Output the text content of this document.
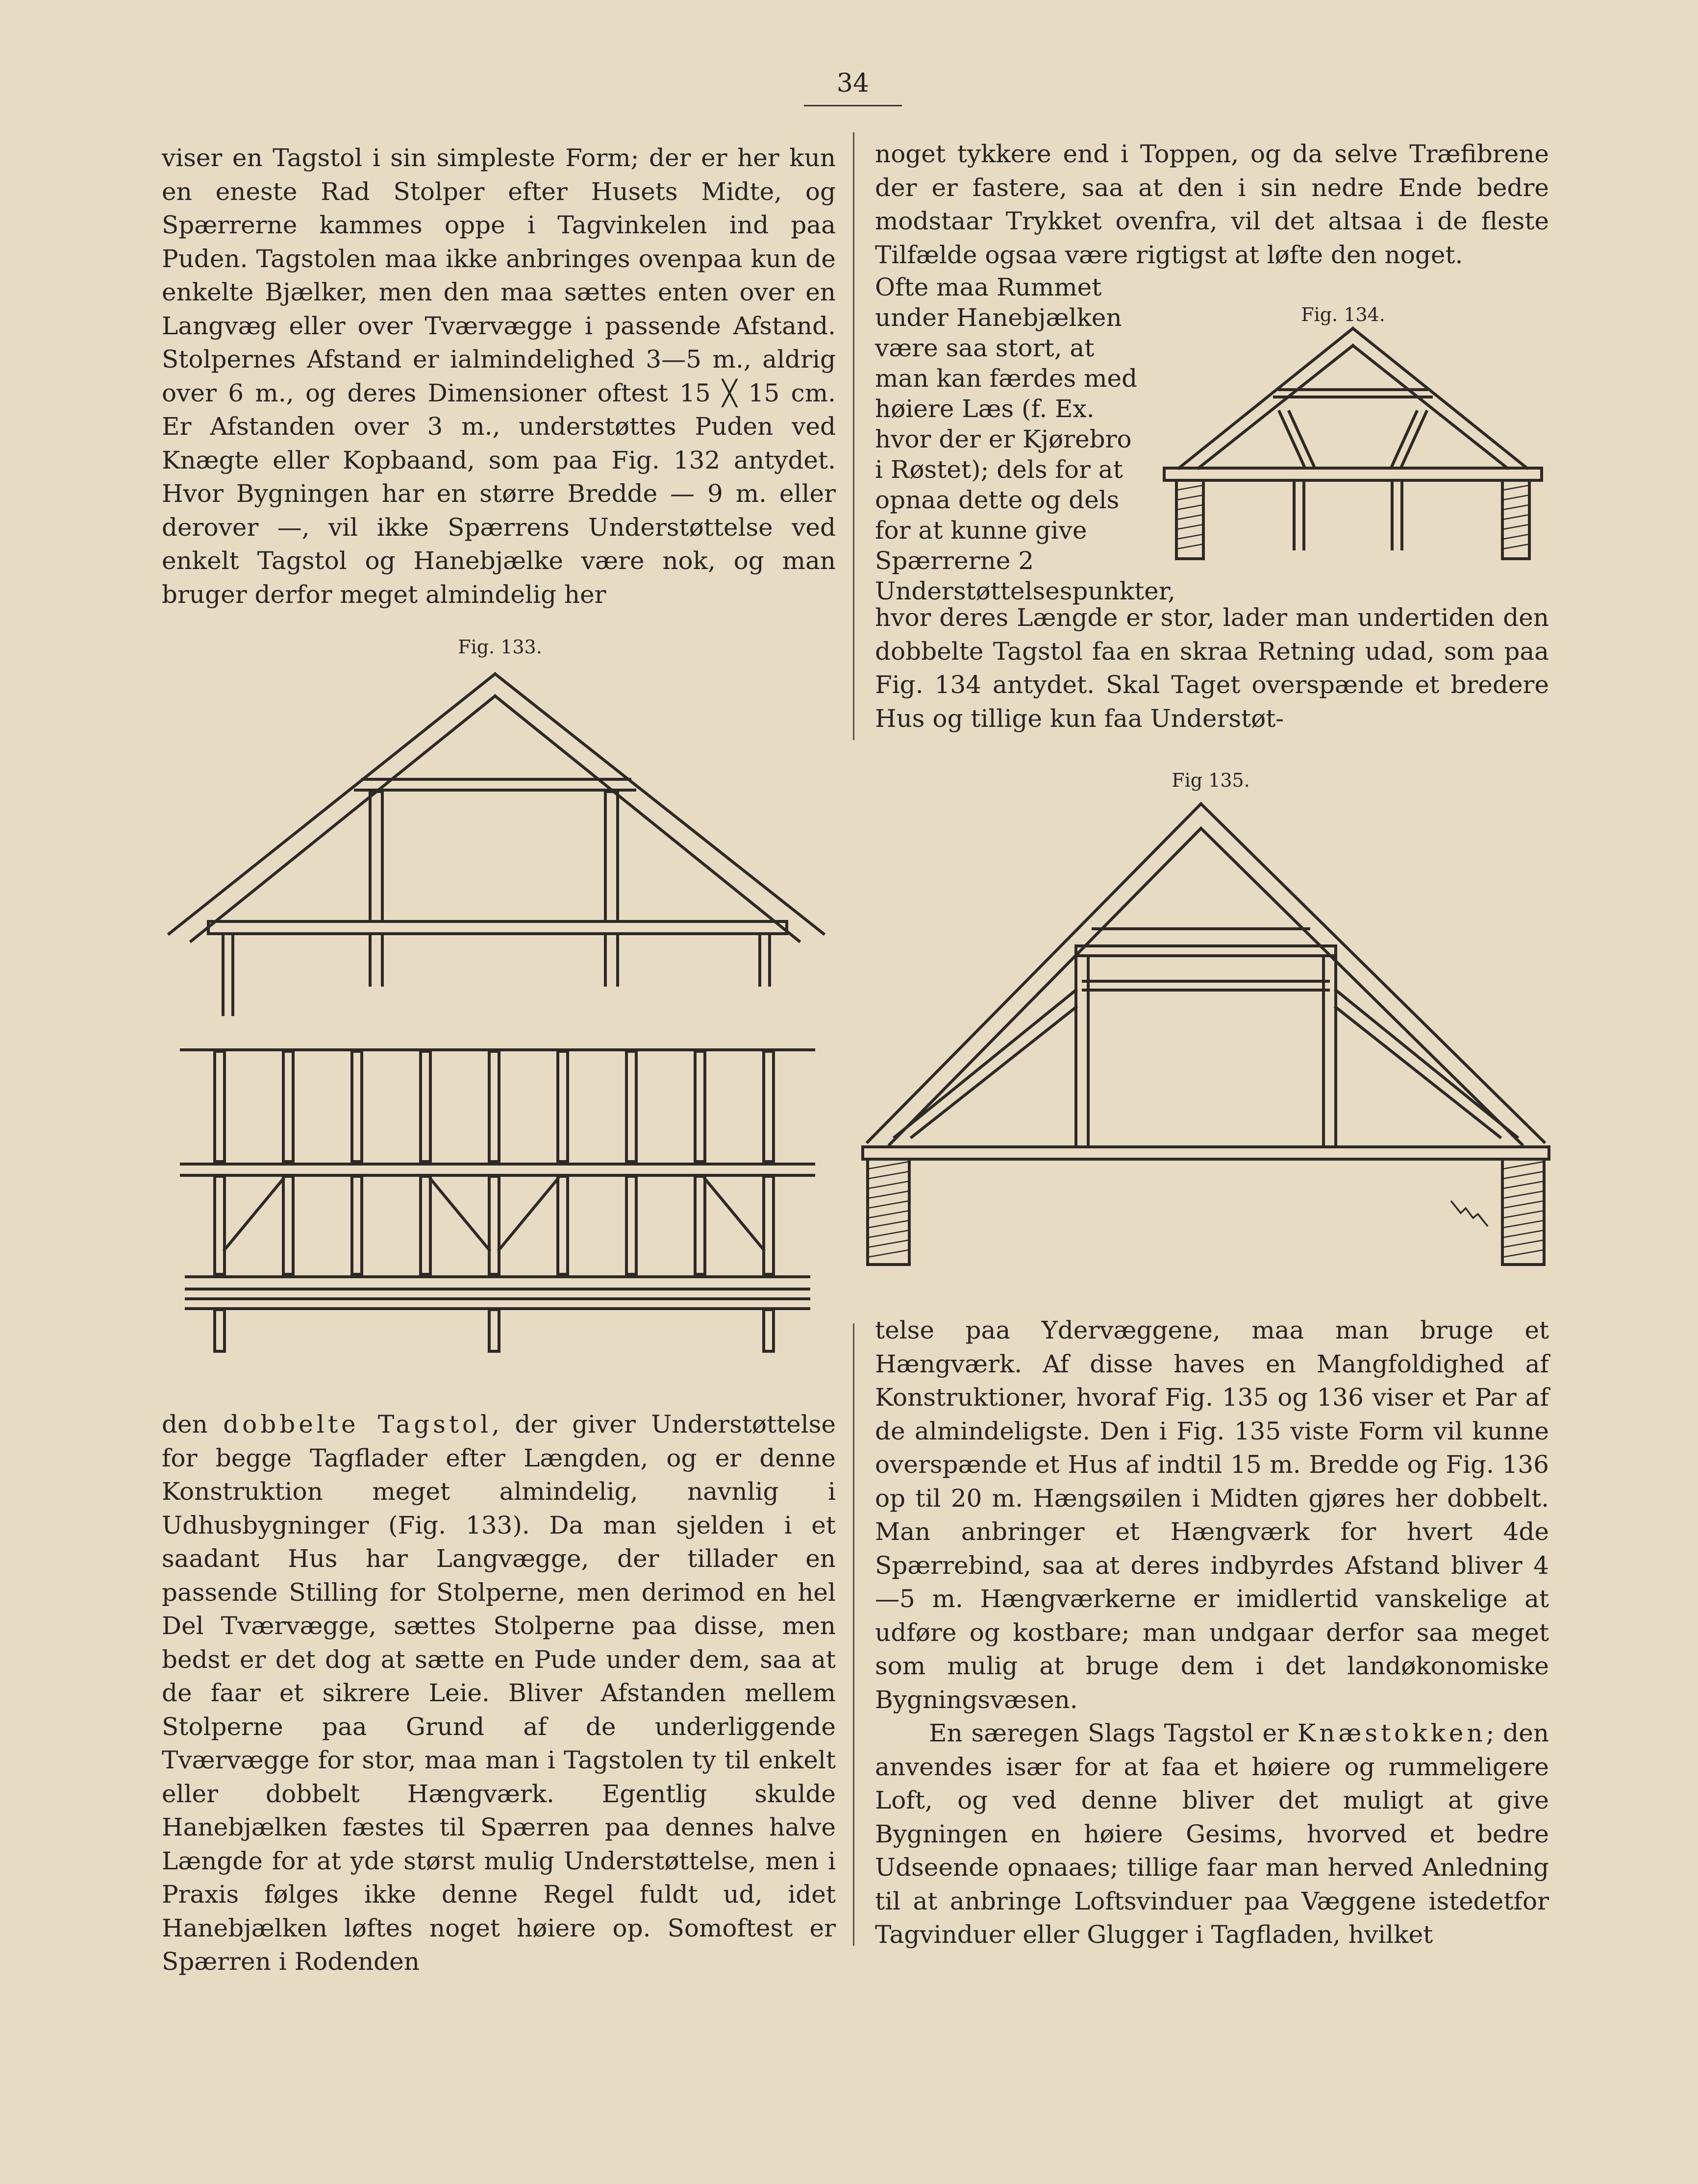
34

viser en Tagstol i sin simpleste Form; der er her kun en eneste Rad Stolper efter Husets Midte, og Spærrerne kammes oppe i Tagvinkelen ind paa Puden. Tagstolen maa ikke anbringes ovenpaa kun de enkelte Bjælker, men den maa sættes enten over en Langvæg eller over Tværvægge i passende Afstand. Stolpernes Afstand er ialmindelighed 3—5 m., aldrig over 6 m., og deres Dimensioner oftest 15 ╳ 15 cm. Er Afstanden over 3 m., understøttes Puden ved Knægte eller Kopbaand, som paa Fig. 132 antydet. Hvor Bygningen har en større Bredde — 9 m. eller derover —, vil ikke Spærrens Understøttelse ved enkelt Tagstol og Hanebjælke være nok, og man bruger derfor meget almindelig her

Fig. 133.

den dobbelte Tagstol, der giver Understøttelse for begge Tagflader efter Længden, og er denne Konstruktion meget almindelig, navnlig i Udhusbygninger (Fig. 133). Da man sjelden i et saadant Hus har Langvægge, der tillader en passende Stilling for Stolperne, men derimod en hel Del Tværvægge, sættes Stolperne paa disse, men bedst er det dog at sætte en Pude under dem, saa at de faar et sikrere Leie. Bliver Afstanden mellem Stolperne paa Grund af de underliggende Tværvægge for stor, maa man i Tagstolen ty til enkelt eller dobbelt Hængværk. Egentlig skulde Hanebjælken fæstes til Spærren paa dennes halve Længde for at yde størst mulig Understøttelse, men i Praxis følges ikke denne Regel fuldt ud, idet Hanebjælken løftes noget høiere op. Somoftest er Spærren i Rodenden

noget tykkere end i Toppen, og da selve Træfibrene der er fastere, saa at den i sin nedre Ende bedre modstaar Trykket ovenfra, vil det altsaa i de fleste Tilfælde ogsaa være rigtigst at løfte den noget.

Ofte maa Rummet under Hanebjælken være saa stort, at man kan færdes med høiere Læs (f. Ex. hvor der er Kjørebro i Røstet); dels for at opnaa dette og dels for at kunne give Spærrerne 2 Understøttelsespunkter,

Fig. 134.

hvor deres Længde er stor, lader man undertiden den dobbelte Tagstol faa en skraa Retning udad, som paa Fig. 134 antydet. Skal Taget overspænde et bredere Hus og tillige kun faa Understøt-

Fig 135.

telse paa Ydervæggene, maa man bruge et Hængværk. Af disse haves en Mangfoldighed af Konstruktioner, hvoraf Fig. 135 og 136 viser et Par af de almindeligste. Den i Fig. 135 viste Form vil kunne overspænde et Hus af indtil 15 m. Bredde og Fig. 136 op til 20 m. Hængsøilen i Midten gjøres her dobbelt. Man anbringer et Hængværk for hvert 4de Spærrebind, saa at deres indbyrdes Afstand bliver 4—5 m. Hængværkerne er imidlertid vanskelige at udføre og kostbare; man undgaar derfor saa meget som mulig at bruge dem i det landøkonomiske Bygningsvæsen.

En særegen Slags Tagstol er Knæstokken; den anvendes især for at faa et høiere og rummeligere Loft, og ved denne bliver det muligt at give Bygningen en høiere Gesims, hvorved et bedre Udseende opnaaes; tillige faar man herved Anledning til at anbringe Loftsvinduer paa Væggene istedetfor Tagvinduer eller Glugger i Tagfladen, hvilket
